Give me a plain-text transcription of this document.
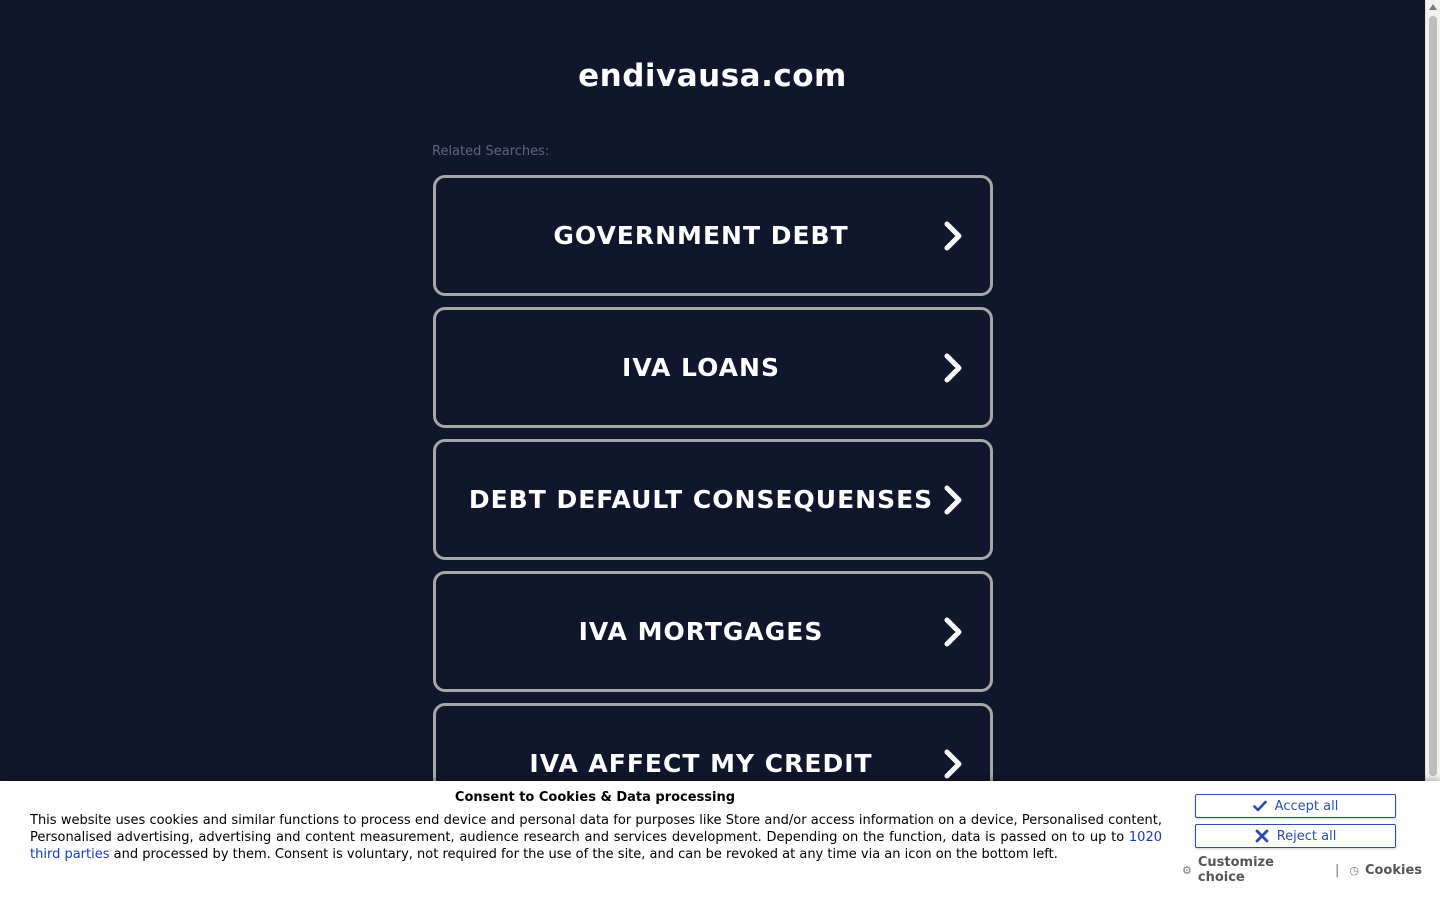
endivausa.com
Related Searches:
GOVERNMENT DEBT
IVA LOANS
DEBT DEFAULT CONSEQUENSES
IVA MORTGAGES
IVA AFFECT MY CREDIT
Consent to Cookies & Data processing

This website uses cookies and similar functions to process end device and personal data for purposes like Store and/or access information on a device, Personalised content, Personalised advertising, advertising and content measurement, audience research and services development. Depending on the function, data is passed on to up to 1020 third parties and processed by them. Consent is voluntary, not required for the use of the site, and can be revoked at any time via an icon on the bottom left.

Accept all
Reject all
⚙ Customize choice	| ◷ Cookies
